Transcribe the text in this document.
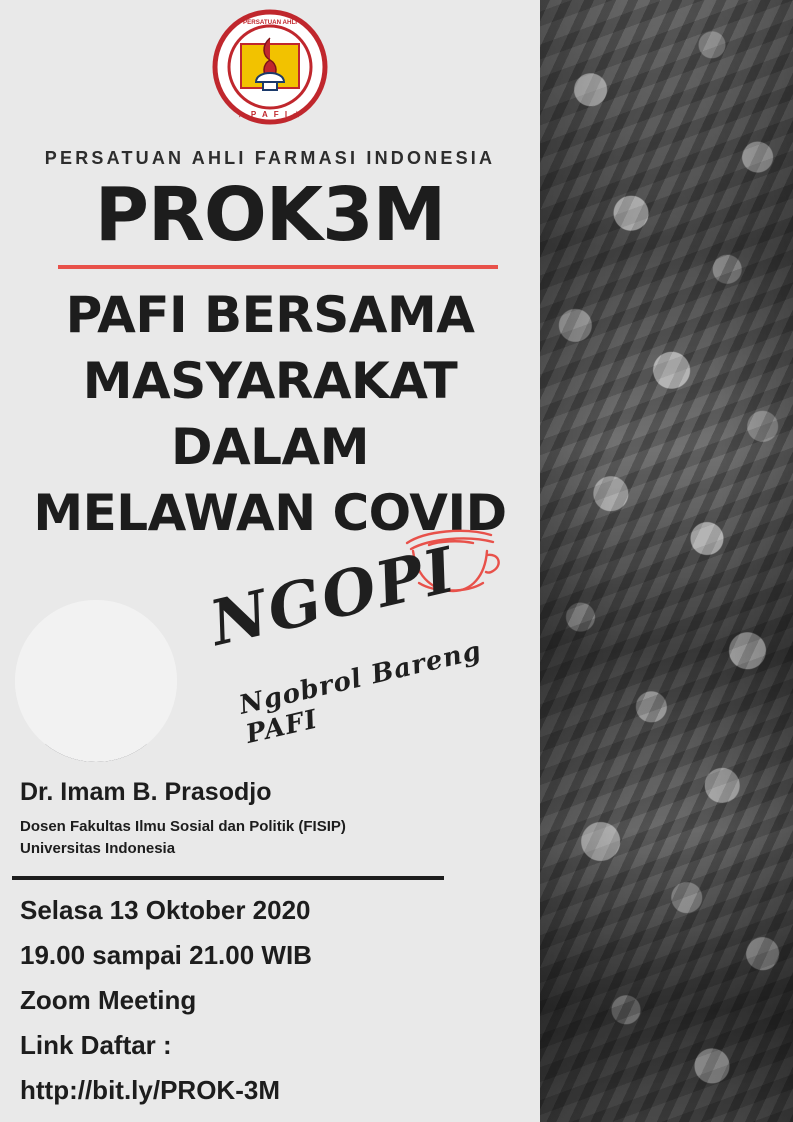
PERSATUAN AHLI
★ P A F I ★
PERSATUAN AHLI FARMASI INDONESIA
PROK3M
PAFI BERSAMA
MASYARAKAT DALAM
MELAWAN COVID
NGOPI
Ngobrol Bareng PAFI
Dr. Imam B. Prasodjo
Dosen Fakultas Ilmu Sosial dan Politik (FISIP)
Universitas Indonesia
Selasa 13 Oktober 2020
19.00 sampai 21.00 WIB
Zoom Meeting
Link Daftar :
http://bit.ly/PROK-3M
